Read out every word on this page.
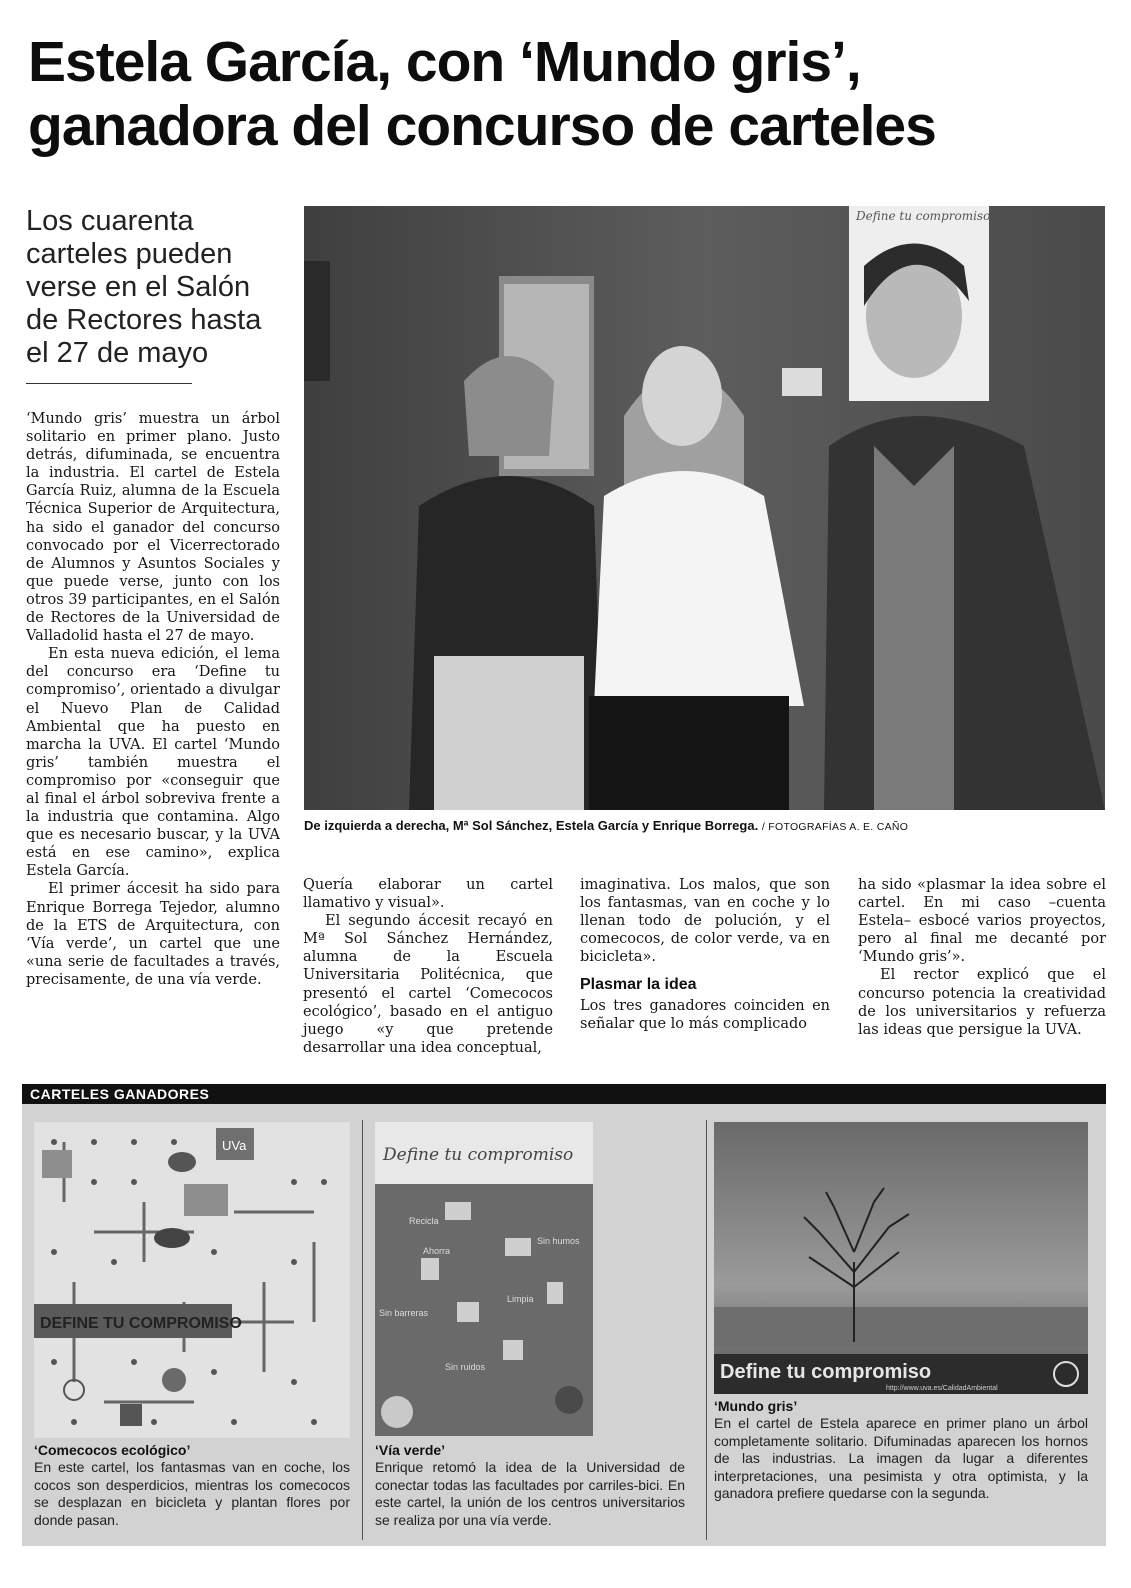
Estela García, con ‘Mundo gris’,
ganadora del concurso de carteles
Los cuarenta carteles pueden verse en el Salón de Rectores hasta el 27 de mayo

‘Mundo gris’ muestra un árbol solitario en primer plano. Justo detrás, difuminada, se encuentra la industria. El cartel de Estela García Ruiz, alumna de la Escuela Técnica Superior de Arquitectura, ha sido el ganador del concurso convocado por el Vicerrectorado de Alumnos y Asuntos Sociales y que puede verse, junto con los otros 39 participantes, en el Salón de Rectores de la Universidad de Valladolid hasta el 27 de mayo.

En esta nueva edición, el lema del concurso era ‘Define tu compromiso’, orientado a divulgar el Nuevo Plan de Calidad Ambiental que ha puesto en marcha la UVA. El cartel ‘Mundo gris’ también muestra el compromiso por «conseguir que al final el árbol sobreviva frente a la industria que contamina. Algo que es necesario buscar, y la UVA está en ese camino», explica Estela García.

El primer áccesit ha sido para Enrique Borrega Tejedor, alumno de la ETS de Arquitectura, con ‘Vía verde’, un cartel que une «una serie de facultades a través, precisamente, de una vía verde.

Define tu compromiso
De izquierda a derecha, Mª Sol Sánchez, Estela García y Enrique Borrega. / FOTOGRAFÍAS A. E. CAÑO

Quería elaborar un cartel llamativo y visual».

El segundo áccesit recayó en Mª Sol Sánchez Hernández, alumna de la Escuela Universitaria Politécnica, que presentó el cartel ‘Comecocos ecológico’, basado en el antiguo juego «y que pretende desarrollar una idea conceptual,

imaginativa. Los malos, que son los fantasmas, van en coche y lo llenan todo de polución, y el comecocos, de color verde, va en bicicleta».

Plasmar la idea

Los tres ganadores coinciden en señalar que lo más complicado

ha sido «plasmar la idea sobre el cartel. En mi caso –cuenta Estela– esbocé varios proyectos, pero al final me decanté por ‘Mundo gris’».

El rector explicó que el concurso potencia la creatividad de los universitarios y refuerza las ideas que persigue la UVA.

CARTELES GANADORES
UVa
DEFINE TU COMPROMISO
‘Comecocos ecológico’
En este cartel, los fantasmas van en coche, los cocos son desperdicios, mientras los comecocos se desplazan en bicicleta y plantan flores por donde pasan.
Define tu compromiso
Recicla
Ahorra
Sin humos
Limpia
Sin barreras
Sin ruidos
‘Vía verde’
Enrique retomó la idea de la Universidad de conectar todas las facultades por carriles-bici. En este cartel, la unión de los centros universitarios se realiza por una vía verde.
Define tu compromiso
http://www.uva.es/CalidadAmbiental
‘Mundo gris’
En el cartel de Estela aparece en primer plano un árbol completamente solitario. Difuminadas aparecen los hornos de las industrias. La imagen da lugar a diferentes interpretaciones, una pesimista y otra optimista, y la ganadora prefiere quedarse con la segunda.
